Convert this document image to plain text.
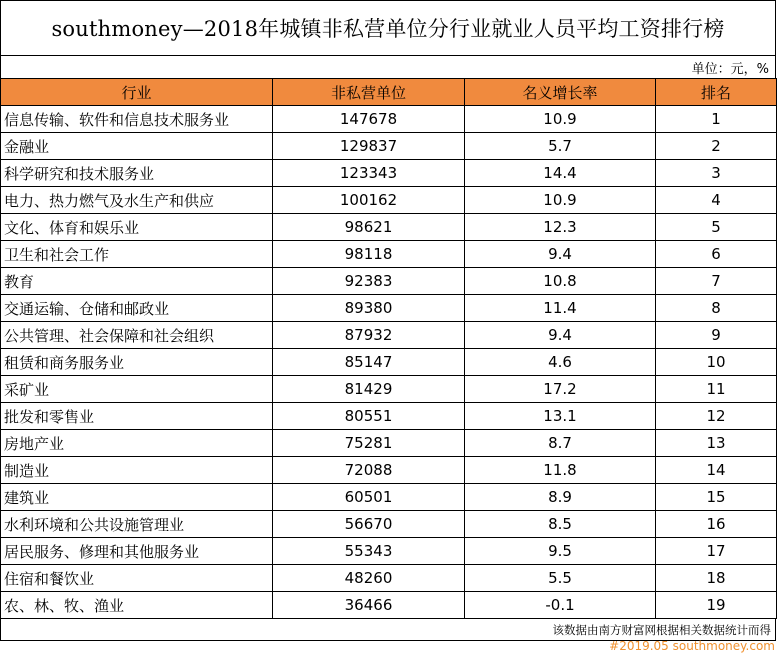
southmoney—2018年城镇非私营单位分行业就业人员平均工资排行榜
单位：元，%
行业	非私营单位	名义增长率	排名
信息传输、软件和信息技术服务业	147678	10.9	1
金融业	129837	5.7	2
科学研究和技术服务业	123343	14.4	3
电力、热力燃气及水生产和供应	100162	10.9	4
文化、体育和娱乐业	98621	12.3	5
卫生和社会工作	98118	9.4	6
教育	92383	10.8	7
交通运输、仓储和邮政业	89380	11.4	8
公共管理、社会保障和社会组织	87932	9.4	9
租赁和商务服务业	85147	4.6	10
采矿业	81429	17.2	11
批发和零售业	80551	13.1	12
房地产业	75281	8.7	13
制造业	72088	11.8	14
建筑业	60501	8.9	15
水利环境和公共设施管理业	56670	8.5	16
居民服务、修理和其他服务业	55343	9.5	17
住宿和餐饮业	48260	5.5	18
农、林、牧、渔业	36466	-0.1	19
该数据由南方财富网根据相关数据统计而得
#2019.05 southmoney.com
